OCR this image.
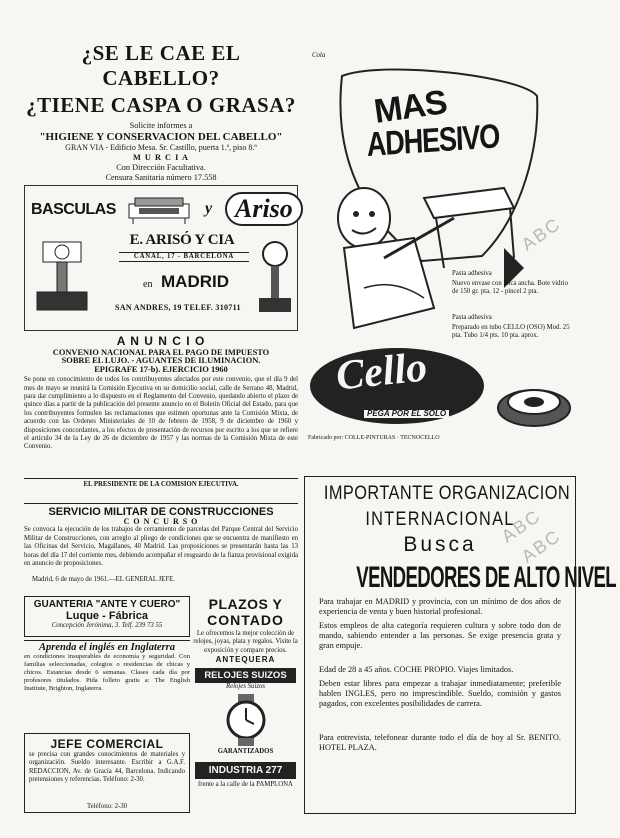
¿SE LE CAE EL CABELLO?
¿TIENE CASPA O GRASA?
Solicite informes a
"HIGIENE Y CONSERVACION DEL CABELLO"
GRAN VIA - Edificio Mesa. Sr. Castillo, puerta 1.ª, piso 8.º
M U R C I A
Con Dirección Facultativa.
Censura Sanitaria número 17.558
BASCULAS	y Ariso
E. ARISÓ Y CIA
CANAL, 17 - BARCELONA
en MADRID
SAN ANDRES, 19 TELEF. 310711
A N U N C I O
CONVENIO NACIONAL PARA EL PAGO DE IMPUESTO
SOBRE EL LUJO. - AGUANTES DE ILUMINACION.
EPIGRAFE 17-b). EJERCICIO 1960
Se pone en conocimiento de todos los contribuyentes afectados por este convenio, que el día 9 del mes de mayo se reunirá la Comisión Ejecutiva en su domicilio social, calle de Serrano 48, Madrid, para dar cumplimiento a lo dispuesto en el Reglamento del Convenio, quedando abierto el plazo de quince días a partir de la publicación del presente anuncio en el Boletín Oficial del Estado, para que los contribuyentes formulen las reclamaciones que estimen oportunas ante la Comisión Mixta, de acuerdo con las Ordenes Ministeriales de 10 de febrero de 1958, 9 de diciembre de 1960 y disposiciones concordantes, a los efectos de presentación de recursos por escrito a los que se refiere el artículo 34 de la Ley de 26 de diciembre de 1957 y las normas de la Comisión Mixta de este Convenio.
EL PRESIDENTE DE LA COMISION EJECUTIVA.
SERVICIO MILITAR DE CONSTRUCCIONES
C O N C U R S O
Se convoca la ejecución de los trabajos de cerramiento de parcelas del Parque Central del Servicio Militar de Construcciones, con arreglo al pliego de condiciones que se encuentra de manifiesto en las Oficinas del Servicio, Magallanes, 40 Madrid. Las proposiciones se presentarán hasta las 13 horas del día 17 del corriente mes, debiendo acompañar el resguardo de la fianza provisional exigida en anuncio de proposiciones.
Madrid, 6 de mayo de 1961.—EL GENERAL JEFE.
GUANTERIA "ANTE Y CUERO"
Luque - Fábrica
Concepción Jerónima, 3. Telf. 239 73 55
Aprenda el inglés en Inglaterra
en condiciones insuperables de economía y seguridad. Con familias seleccionadas, colegios o residencias de chicas y chicos. Estancias desde 6 semanas. Clases cada día por profesores titulados. Pida folleto gratis a: The English Institute, Brighton, Inglaterra.
PLAZOS Y
CONTADO
Le ofrecemos la mejor colección de relojes, joyas, plata y regalos. Visite la exposición y compare precios.
ANTEQUERA
RELOJES SUIZOS
Relojes Suizos
GARANTIZADOS
INDUSTRIA 277
frente a la calle de la PAMPLONA
JEFE COMERCIAL
se precisa con grandes conocimientos de materiales y organización. Sueldo interesante. Escribir a G.A.F. REDACCION, Av. de Gracia 44, Barcelona. Indicando pretensiones y referencias. Teléfono: 2-30.
Teléfono: 2-30
Cola
MAS
ADHESIVO
Pasta adhesiva
Nuevo envase con boca ancha. Bote vidrio de 150 gr. pta. 12 - pincel 2 pta.
Pasta adhesiva
Preparado en tubo CELLO (OSO) Mod. 25 pta. Tubo 1/4 pts. 10 pta. aprox.
Cello
PEGA POR EL SOLO
Fabricado por: COLLE-PINTURAS · TECNOCELLO
IMPORTANTE ORGANIZACION
INTERNACIONAL
Busca
VENDEDORES DE ALTO NIVEL
Para trabajar en MADRID y provincia, con un mínimo de dos años de experiencia de venta y buen historial profesional.
Estos empleos de alta categoría requieren cultura y sobre todo don de mando, sabiendo entender a las personas. Se exige presencia grata y gran empuje.
Edad de 28 a 45 años. COCHE PROPIO. Viajes limitados.
Deben estar libres para empezar a trabajar inmediatamente; preferible hablen INGLES, pero no imprescindible. Sueldo, comisión y gastos pagados, con excelentes posibilidades de carrera.
Para entrevista, telefonear durante todo el día de hoy al Sr. BENITO. HOTEL PLAZA.
ABC
ABC
ABC
